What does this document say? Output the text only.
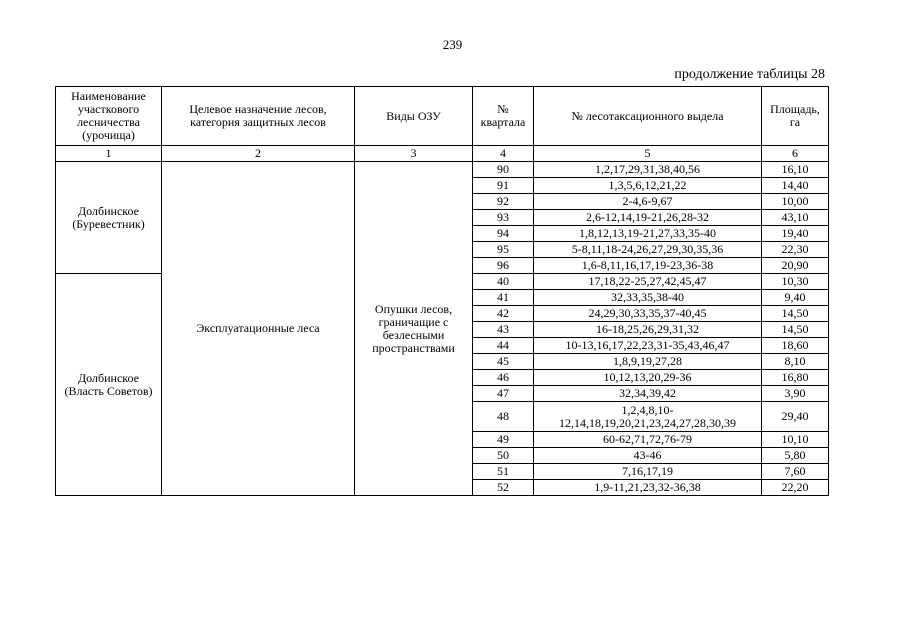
239
продолжение таблицы 28
Наименование участкового лесничества (урочища)	Целевое назначение лесов, категория защитных лесов	Виды ОЗУ	№ квартала	№ лесотаксационного выдела	Площадь, га
1	2	3	4	5	6
Долбинское (Буревестник)	Эксплуатационные леса	Опушки лесов, граничащие с безлесными пространствами	90	1,2,17,29,31,38,40,56	16,10
			91	1,3,5,6,12,21,22	14,40
			92	2-4,6-9,67	10,00
			93	2,6-12,14,19-21,26,28-32	43,10
			94	1,8,12,13,19-21,27,33,35-40	19,40
			95	5-8,11,18-24,26,27,29,30,35,36	22,30
			96	1,6-8,11,16,17,19-23,36-38	20,90
Долбинское (Власть Советов)			40	17,18,22-25,27,42,45,47	10,30
			41	32,33,35,38-40	9,40
			42	24,29,30,33,35,37-40,45	14,50
			43	16-18,25,26,29,31,32	14,50
			44	10-13,16,17,22,23,31-35,43,46,47	18,60
			45	1,8,9,19,27,28	8,10
			46	10,12,13,20,29-36	16,80
			47	32,34,39,42	3,90
			48	1,2,4,8,10-12,14,18,19,20,21,23,24,27,28,30,39	29,40
			49	60-62,71,72,76-79	10,10
			50	43-46	5,80
			51	7,16,17,19	7,60
			52	1,9-11,21,23,32-36,38	22,20
